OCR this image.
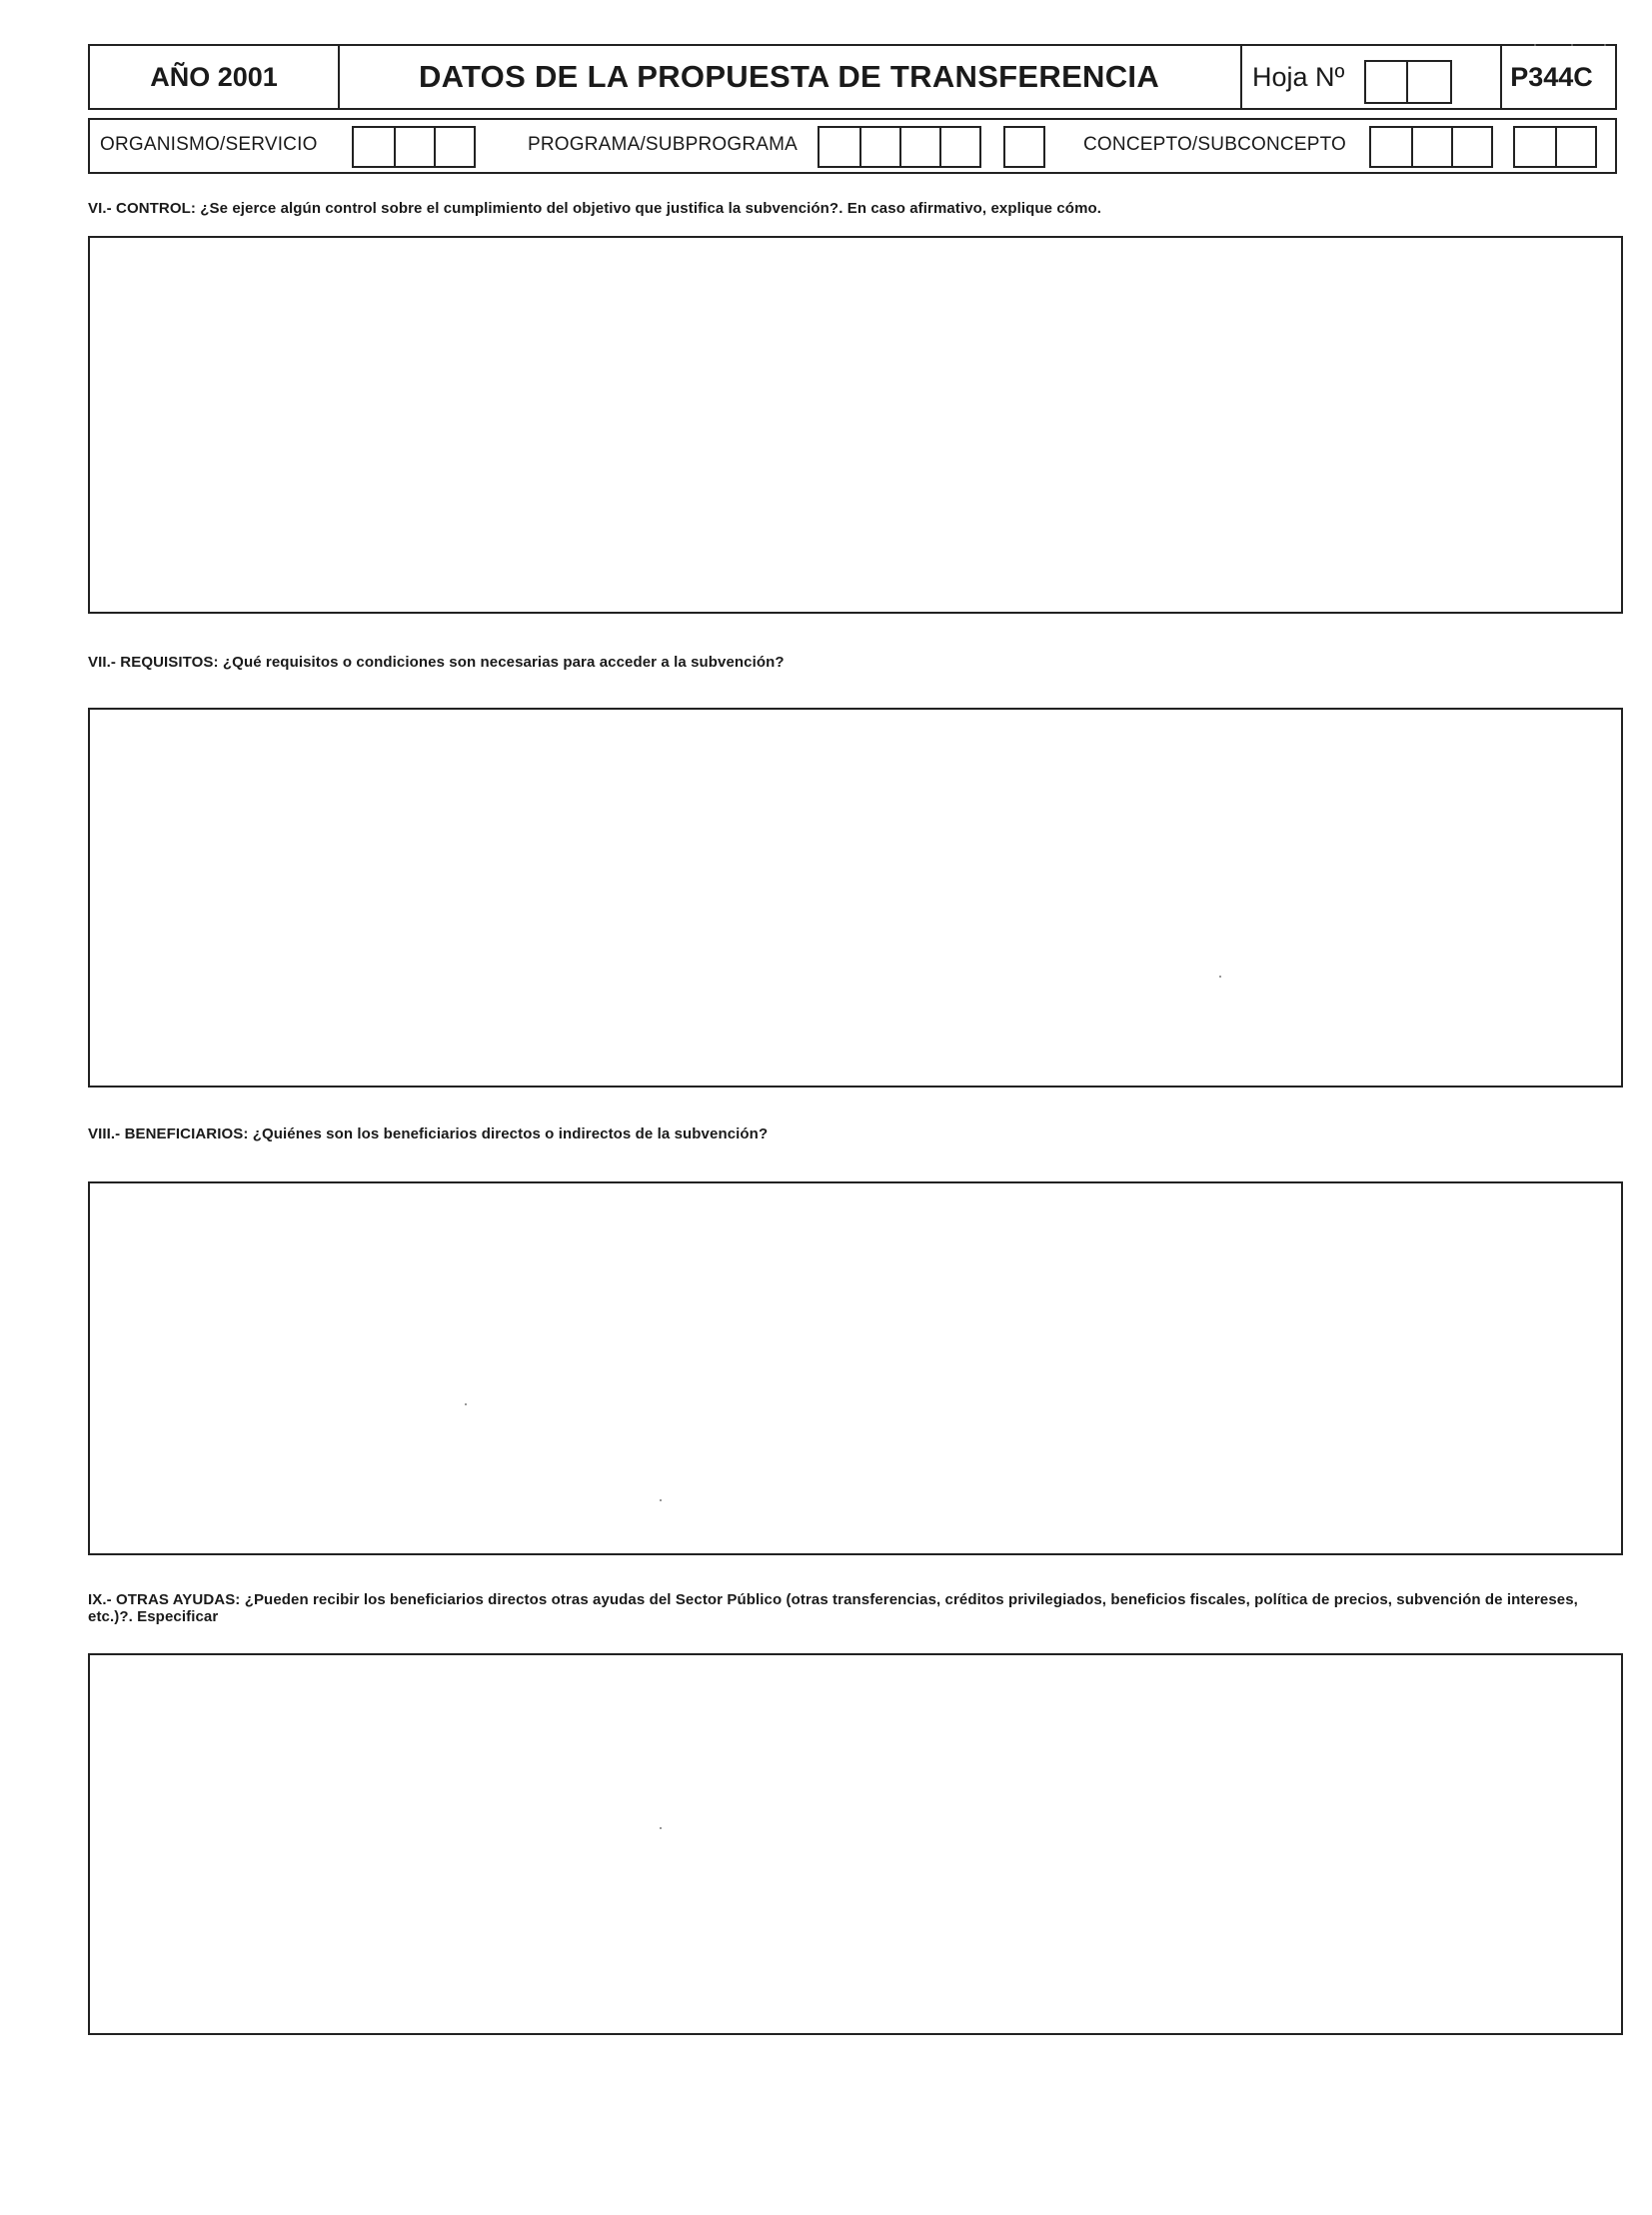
AÑO 2001	DATOS DE LA PROPUESTA DE TRANSFERENCIA	Hoja Nº	P344C
ORGANISMO/SERVICIO	PROGRAMA/SUBPROGRAMA	CONCEPTO/SUBCONCEPTO
VI.- CONTROL: ¿Se ejerce algún control sobre el cumplimiento del objetivo que justifica la subvención?. En caso afirmativo, explique cómo.
VII.- REQUISITOS: ¿Qué requisitos o condiciones son necesarias para acceder a la subvención?
VIII.- BENEFICIARIOS: ¿Quiénes son los beneficiarios directos o indirectos de la subvención?
IX.- OTRAS AYUDAS: ¿Pueden recibir los beneficiarios directos otras ayudas del Sector Público (otras transferencias, créditos privilegiados, beneficios fiscales, política de precios, subvención de intereses, etc.)?. Especificar
